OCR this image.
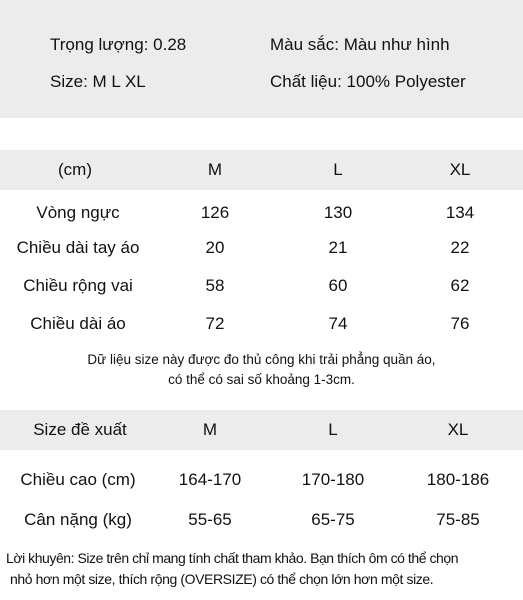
Trọng lượng: 0.28	Màu sắc: Màu như hình
Size: M L XL	Chất liệu: 100% Polyester
(cm)	M	L	XL
Vòng ngực	126	130	134
Chiều dài tay áo	20	21	22
Chiều rộng vai	58	60	62
Chiều dài áo	72	74	76
Dữ liệu size này được đo thủ công khi trải phẳng quần áo,
có thể có sai số khoảng 1-3cm.
Size đề xuất	M	L	XL
Chiều cao (cm)	164-170	170-180	180-186
Cân nặng (kg)	55-65	65-75	75-85
Lời khuyên: Size trên chỉ mang tính chất tham khảo. Bạn thích ôm có thể chọn
nhỏ hơn một size, thích rộng (OVERSIZE) có thể chọn lớn hơn một size.
